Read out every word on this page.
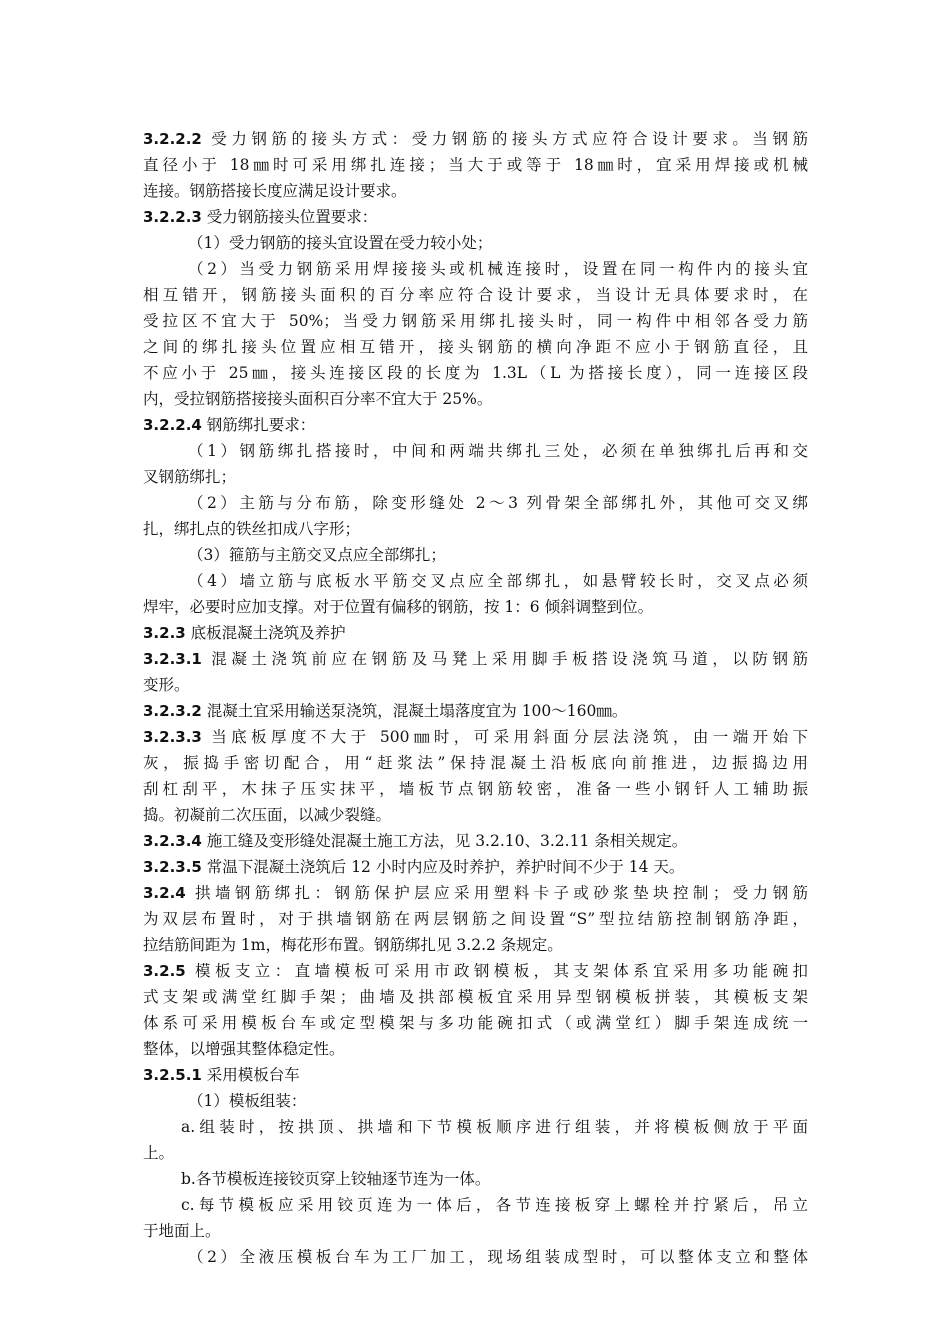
3.2.2.2 受力钢筋的接头方式：受力钢筋的接头方式应符合设计要求。当钢筋
直径小于 18㎜时可采用绑扎连接；当大于或等于 18㎜时，宜采用焊接或机械
连接。钢筋搭接长度应满足设计要求。
3.2.2.3 受力钢筋接头位置要求：
（1）受力钢筋的接头宜设置在受力较小处；
（2）当受力钢筋采用焊接接头或机械连接时，设置在同一构件内的接头宜
相互错开，钢筋接头面积的百分率应符合设计要求，当设计无具体要求时，在
受拉区不宜大于 50%；当受力钢筋采用绑扎接头时，同一构件中相邻各受力筋
之间的绑扎接头位置应相互错开，接头钢筋的横向净距不应小于钢筋直径，且
不应小于 25㎜，接头连接区段的长度为 1.3L（L 为搭接长度），同一连接区段
内，受拉钢筋搭接接头面积百分率不宜大于 25%。
3.2.2.4 钢筋绑扎要求：
（1）钢筋绑扎搭接时，中间和两端共绑扎三处，必须在单独绑扎后再和交
叉钢筋绑扎；
（2）主筋与分布筋，除变形缝处 2～3 列骨架全部绑扎外，其他可交叉绑
扎，绑扎点的铁丝扣成八字形；
（3）箍筋与主筋交叉点应全部绑扎；
（4）墙立筋与底板水平筋交叉点应全部绑扎，如悬臂较长时，交叉点必须
焊牢，必要时应加支撑。对于位置有偏移的钢筋，按 1：6 倾斜调整到位。
3.2.3 底板混凝土浇筑及养护
3.2.3.1 混凝土浇筑前应在钢筋及马凳上采用脚手板搭设浇筑马道，以防钢筋
变形。
3.2.3.2 混凝土宜采用输送泵浇筑，混凝土塌落度宜为 100～160㎜。
3.2.3.3 当底板厚度不大于 500㎜时，可采用斜面分层法浇筑，由一端开始下
灰，振捣手密切配合，用“赶浆法”保持混凝土沿板底向前推进，边振捣边用
刮杠刮平，木抹子压实抹平，墙板节点钢筋较密，准备一些小钢钎人工辅助振
捣。初凝前二次压面，以减少裂缝。
3.2.3.4 施工缝及变形缝处混凝土施工方法，见 3.2.10、3.2.11 条相关规定。
3.2.3.5 常温下混凝土浇筑后 12 小时内应及时养护，养护时间不少于 14 天。
3.2.4 拱墙钢筋绑扎：钢筋保护层应采用塑料卡子或砂浆垫块控制；受力钢筋
为双层布置时，对于拱墙钢筋在两层钢筋之间设置“S”型拉结筋控制钢筋净距，
拉结筋间距为 1m，梅花形布置。钢筋绑扎见 3.2.2 条规定。
3.2.5 模板支立：直墙模板可采用市政钢模板，其支架体系宜采用多功能碗扣
式支架或满堂红脚手架；曲墙及拱部模板宜采用异型钢模板拼装，其模板支架
体系可采用模板台车或定型模架与多功能碗扣式（或满堂红）脚手架连成统一
整体，以增强其整体稳定性。
3.2.5.1 采用模板台车
（1）模板组装：
a.组装时，按拱顶、拱墙和下节模板顺序进行组装，并将模板侧放于平面
上。
b.各节模板连接铰页穿上铰轴逐节连为一体。
c.每节模板应采用铰页连为一体后，各节连接板穿上螺栓并拧紧后，吊立
于地面上。
（2）全液压模板台车为工厂加工，现场组装成型时，可以整体支立和整体
